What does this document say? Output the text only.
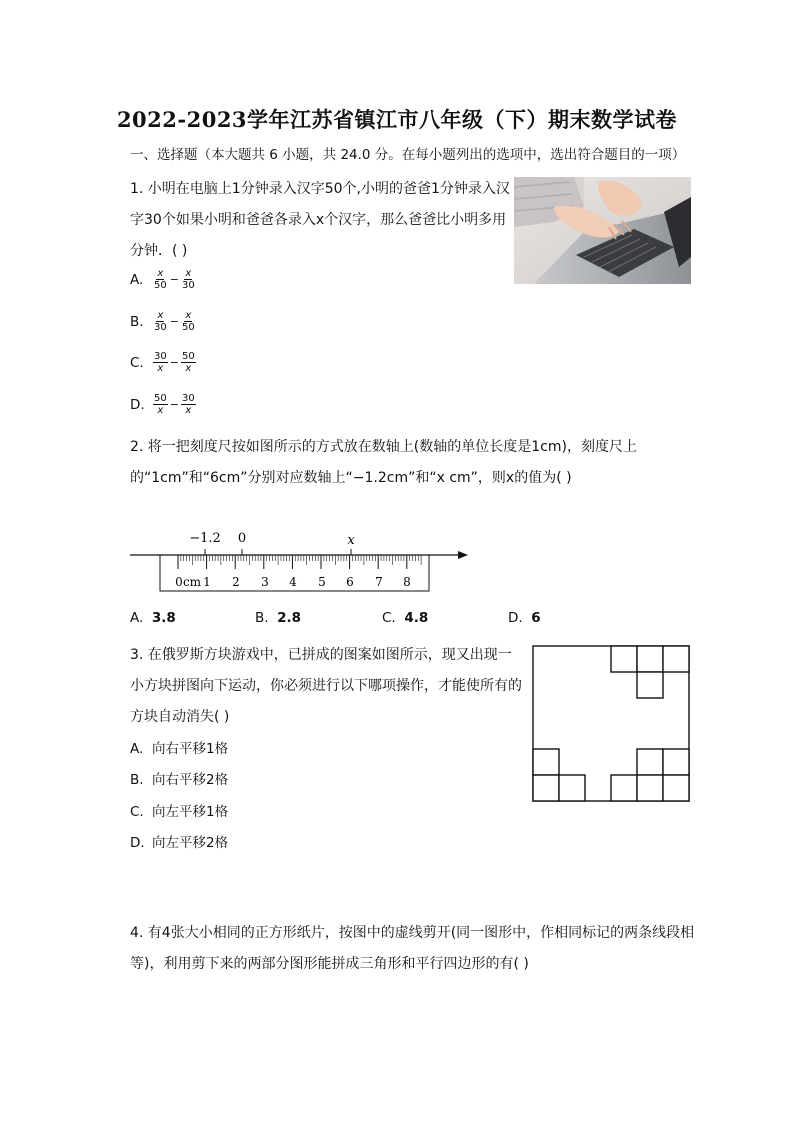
2022-2023学年江苏省镇江市八年级（下）期末数学试卷
一、选择题（本大题共 6 小题，共 24.0 分。在每小题列出的选项中，选出符合题目的一项）
1. 小明在电脑上1分钟录入汉字50个,小明的爸爸1分钟录入汉字30个如果小明和爸爸各录入x个汉字，那么爸爸比小明多用分钟．( )
A. $\frac{x}{50} - \frac{x}{30}$
B. $\frac{x}{30} - \frac{x}{50}$
C. $\frac{30}{x} - \frac{50}{x}$
D. $\frac{50}{x} - \frac{30}{x}$
2. 将一把刻度尺按如图所示的方式放在数轴上(数轴的单位长度是1cm)，刻度尺上的“1cm”和“6cm”分别对应数轴上“−1.2cm”和“x cm”，则x的值为( )
−1.2 0	x
0 cm 1 2 3 4 5 6 7 8
A. 3.8	B. 2.8	C. 4.8	D. 6
3. 在俄罗斯方块游戏中，已拼成的图案如图所示，现又出现一小方块拼图向下运动，你必须进行以下哪项操作，才能使所有的方块自动消失( )
A. 向右平移1格
B. 向右平移2格
C. 向左平移1格
D. 向左平移2格
4. 有4张大小相同的正方形纸片，按图中的虚线剪开(同一图形中，作相同标记的两条线段相等)，利用剪下来的两部分图形能拼成三角形和平行四边形的有( )
